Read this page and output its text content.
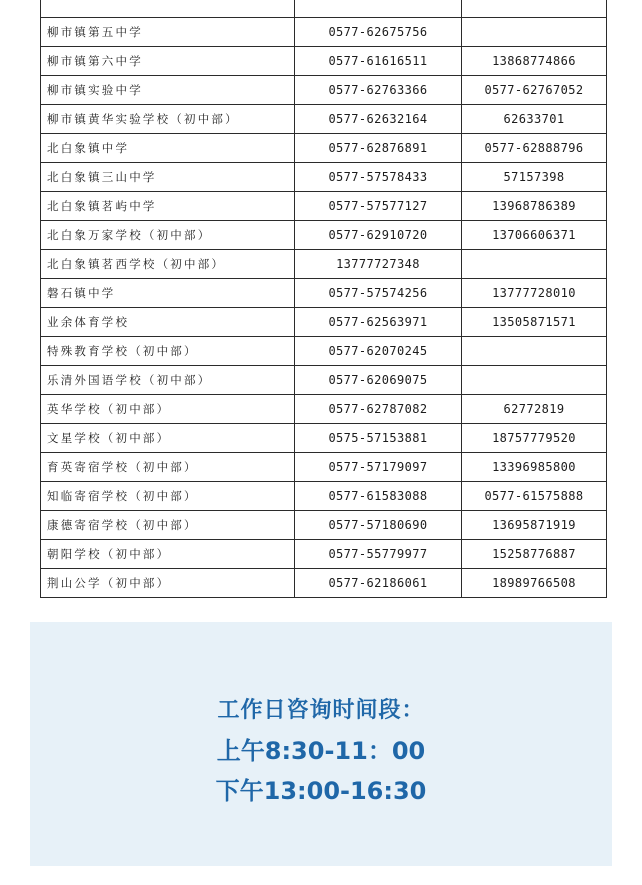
柳市镇第五中学	0577-62675756	
柳市镇第六中学	0577-61616511	13868774866
柳市镇实验中学	0577-62763366	0577-62767052
柳市镇黄华实验学校（初中部）	0577-62632164	62633701
北白象镇中学	0577-62876891	0577-62888796
北白象镇三山中学	0577-57578433	57157398
北白象镇茗屿中学	0577-57577127	13968786389
北白象万家学校（初中部）	0577-62910720	13706606371
北白象镇茗西学校（初中部）	13777727348	
磐石镇中学	0577-57574256	13777728010
业余体育学校	0577-62563971	13505871571
特殊教育学校（初中部）	0577-62070245	
乐清外国语学校（初中部）	0577-62069075	
英华学校（初中部）	0577-62787082	62772819
文星学校（初中部）	0575-57153881	18757779520
育英寄宿学校（初中部）	0577-57179097	13396985800
知临寄宿学校（初中部）	0577-61583088	0577-61575888
康德寄宿学校（初中部）	0577-57180690	13695871919
朝阳学校（初中部）	0577-55779977	15258776887
荆山公学（初中部）	0577-62186061	18989766508
工作日咨询时间段：
上午8:30-11：00
下午13:00-16:30
